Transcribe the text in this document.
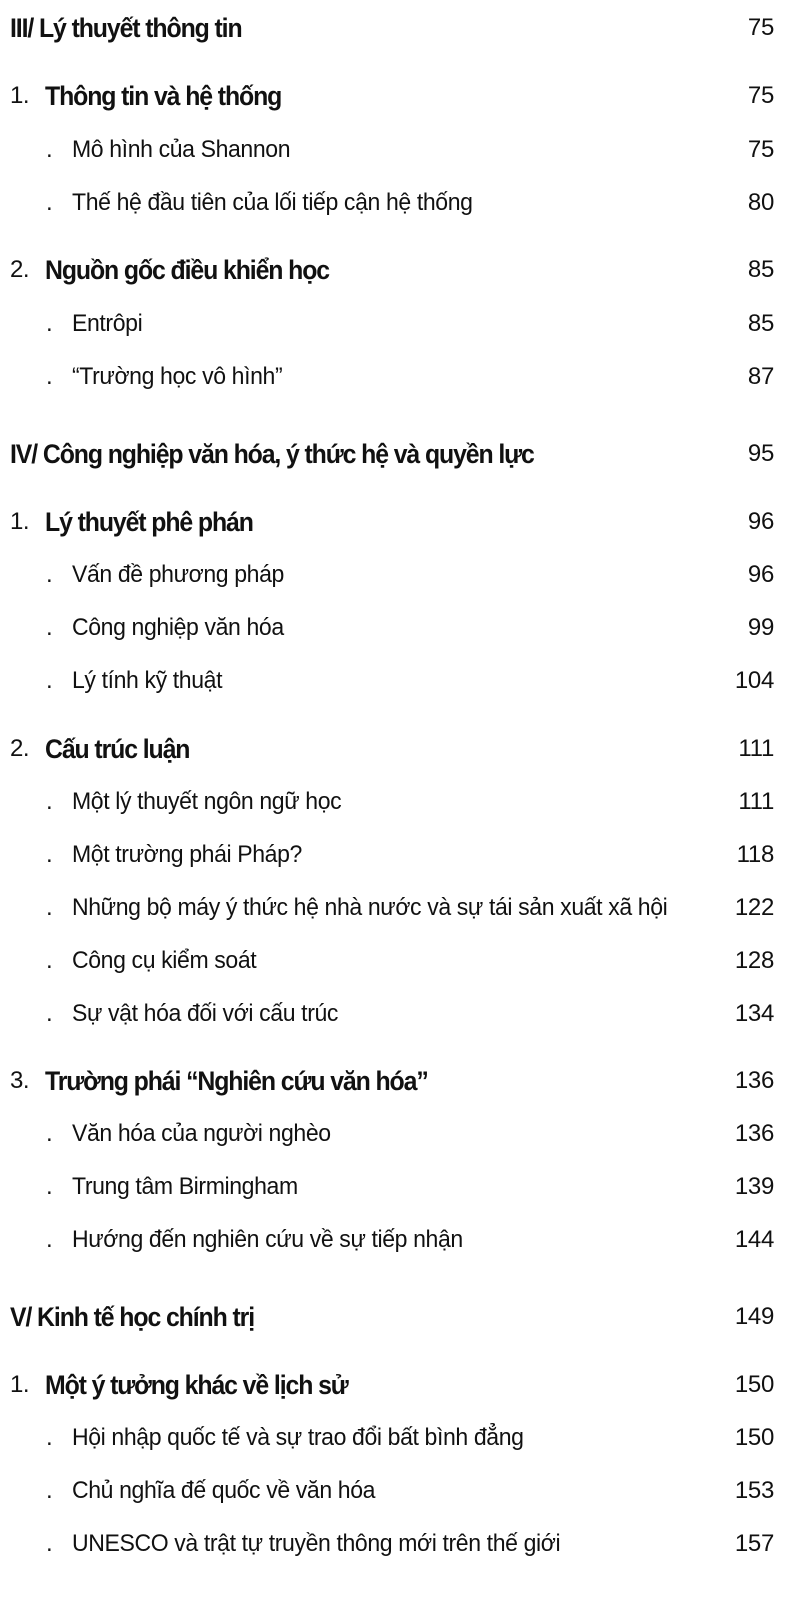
III/ Lý thuyết thông tin	75
1. Thông tin và hệ thống	75
. Mô hình của Shannon	75
. Thế hệ đầu tiên của lối tiếp cận hệ thống	80
2. Nguồn gốc điều khiển học	85
. Entrôpi	85
. “Trường học vô hình”	87
IV/ Công nghiệp văn hóa, ý thức hệ và quyền lực	95
1. Lý thuyết phê phán	96
. Vấn đề phương pháp	96
. Công nghiệp văn hóa	99
. Lý tính kỹ thuật	104
2. Cấu trúc luận	111
. Một lý thuyết ngôn ngữ học	111
. Một trường phái Pháp?	118
. Những bộ máy ý thức hệ nhà nước và sự tái sản xuất xã hội	122
. Công cụ kiểm soát	128
. Sự vật hóa đối với cấu trúc	134
3. Trường phái “Nghiên cứu văn hóa”	136
. Văn hóa của người nghèo	136
. Trung tâm Birmingham	139
. Hướng đến nghiên cứu về sự tiếp nhận	144
V/ Kinh tế học chính trị	149
1. Một ý tưởng khác về lịch sử	150
. Hội nhập quốc tế và sự trao đổi bất bình đẳng	150
. Chủ nghĩa đế quốc về văn hóa	153
. UNESCO và trật tự truyền thông mới trên thế giới	157
